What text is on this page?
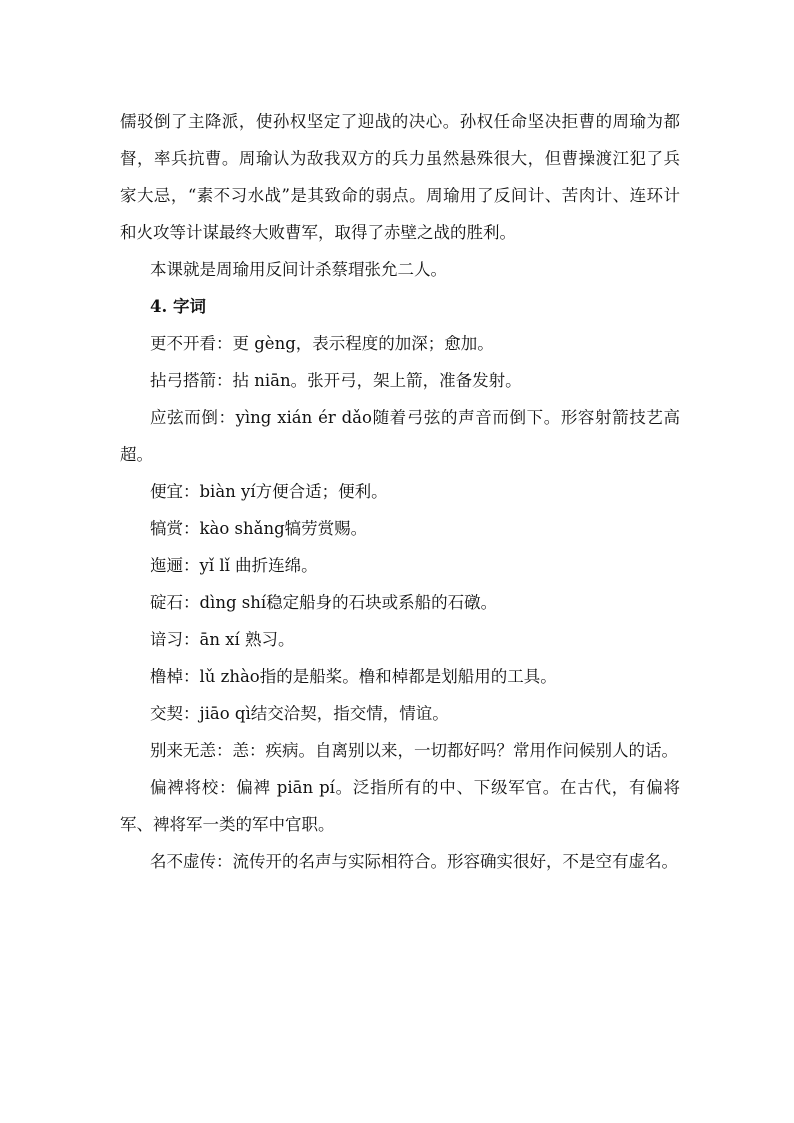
儒驳倒了主降派，使孙权坚定了迎战的决心。孙权任命坚决拒曹的周瑜为都督，率兵抗曹。周瑜认为敌我双方的兵力虽然悬殊很大，但曹操渡江犯了兵家大忌，“素不习水战”是其致命的弱点。周瑜用了反间计、苦肉计、连环计和火攻等计谋最终大败曹军，取得了赤壁之战的胜利。

本课就是周瑜用反间计杀蔡瑁张允二人。

4. 字词

更不开看：更 gèng，表示程度的加深；愈加。

拈弓搭箭：拈 niān。张开弓，架上箭，准备发射。

应弦而倒：yìng xián ér dǎo随着弓弦的声音而倒下。形容射箭技艺高超。

便宜：biàn yí方便合适；便利。

犒赏：kào shǎng犒劳赏赐。

迤逦：yǐ lǐ 曲折连绵。

碇石：dìng shí稳定船身的石块或系船的石礅。

谙习：ān xí 熟习。

橹棹：lǔ zhào指的是船桨。橹和棹都是划船用的工具。

交契：jiāo qì结交洽契，指交情，情谊。

别来无恙：恙：疾病。自离别以来，一切都好吗？常用作问候别人的话。

偏裨将校：偏裨 piān pí。泛指所有的中、下级军官。在古代，有偏将军、裨将军一类的军中官职。

名不虚传：流传开的名声与实际相符合。形容确实很好，不是空有虚名。
